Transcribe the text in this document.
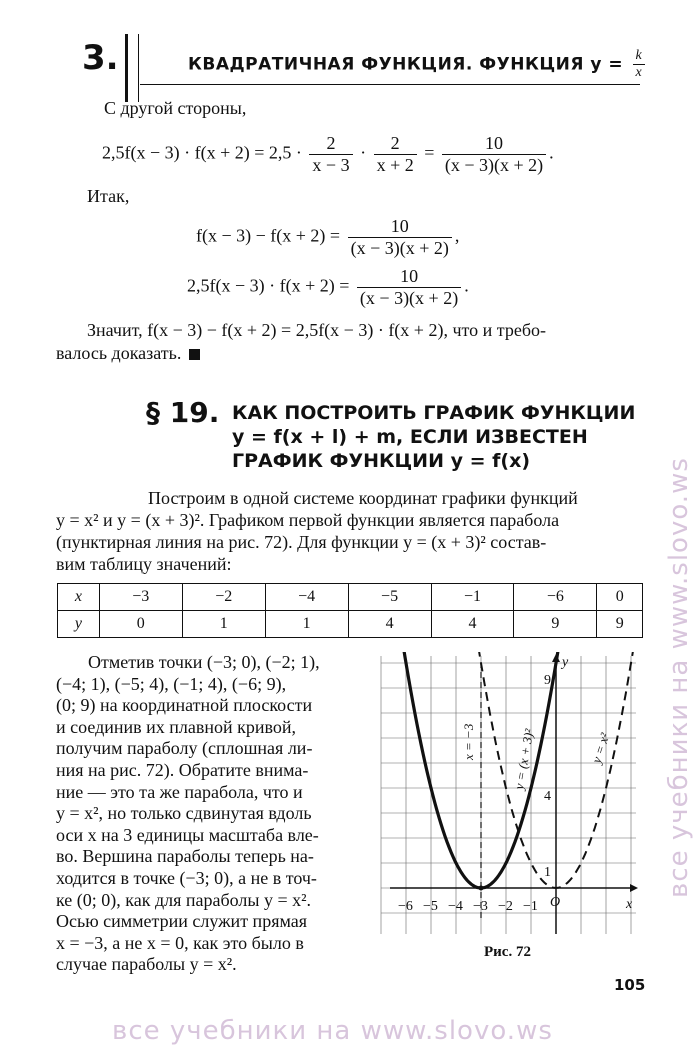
3.	КВАДРАТИЧНАЯ ФУНКЦИЯ. ФУНКЦИЯ $y = \frac{k}{x}$
С другой стороны,
$2,5f(x - 3) \cdot f(x + 2) = 2,5 \cdot \frac{2}{x - 3} \cdot \frac{2}{x + 2} = \frac{10}{(x - 3)(x + 2)}$ .
Итак,
$f(x - 3) - f(x + 2) = \frac{10}{(x - 3)(x + 2)}$ ,
$2,5f(x - 3) \cdot f(x + 2) = \frac{10}{(x - 3)(x + 2)}$ .
Значит, f(x − 3) − f(x + 2) = 2,5f(x − 3) · f(x + 2), что и требо-
валось доказать.
§ 19. КАК ПОСТРОИТЬ ГРАФИК ФУНКЦИИ
y = f(x + l) + m, ЕСЛИ ИЗВЕСТЕН
ГРАФИК ФУНКЦИИ y = f(x)
Построим в одной системе координат графики функций
y = x² и y = (x + 3)². Графиком первой функции является парабола
(пунктирная линия на рис. 72). Для функции y = (x + 3)² состав-
вим таблицу значений:
x	−3	−2	−4	−5	−1	−6	0
y	0	1	1	4	4	9	9
Отметив точки (−3; 0), (−2; 1),
(−4; 1), (−5; 4), (−1; 4), (−6; 9),
(0; 9) на координатной плоскости
и соединив их плавной кривой,
получим параболу (сплошная ли-
ния на рис. 72). Обратите внима-
ние — это та же парабола, что и
y = x², но только сдвинутая вдоль
оси x на 3 единицы масштаба вле-
во. Вершина параболы теперь на-
ходится в точке (−3; 0), а не в точ-
ке (0; 0), как для параболы y = x².
Осью симметрии служит прямая
x = −3, а не x = 0, как это было в
случае параболы y = x².
−6 −5 −4 −3 −2 −1
9
4
1
O	x
y
x = −3	y = (x + 3)²	y = x²
Рис. 72
105
все учебники на www.slovo.ws
все учебники на www.slovo.ws
